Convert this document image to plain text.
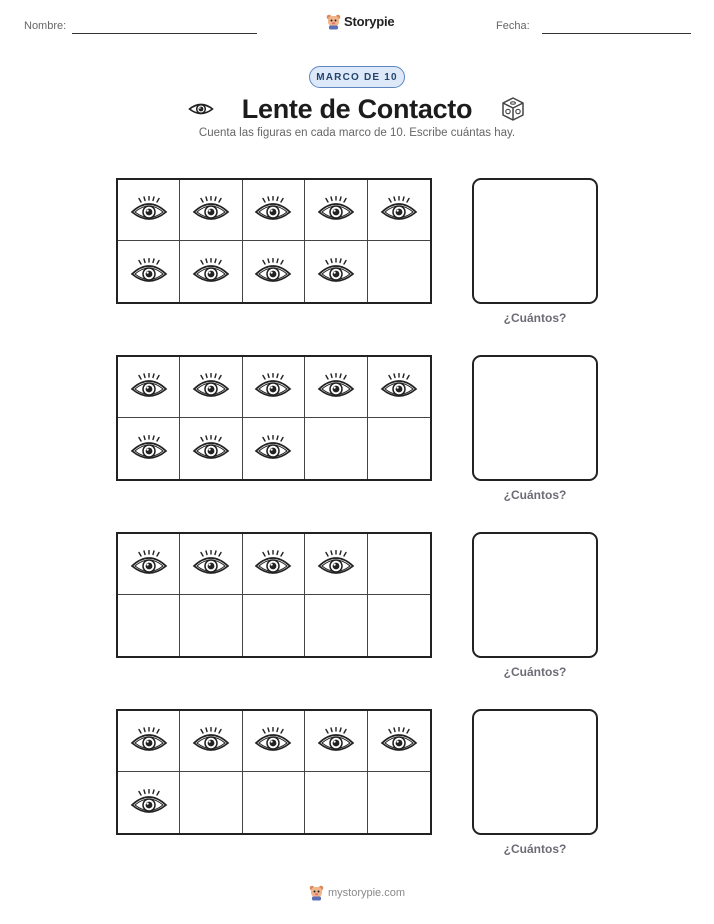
Nombre:	Storypie	Fecha:
MARCO DE 10
Lente de Contacto
Cuenta las figuras en cada marco de 10. Escribe cuántas hay.
¿Cuántos?
¿Cuántos?
¿Cuántos?
¿Cuántos?
mystorypie.com
